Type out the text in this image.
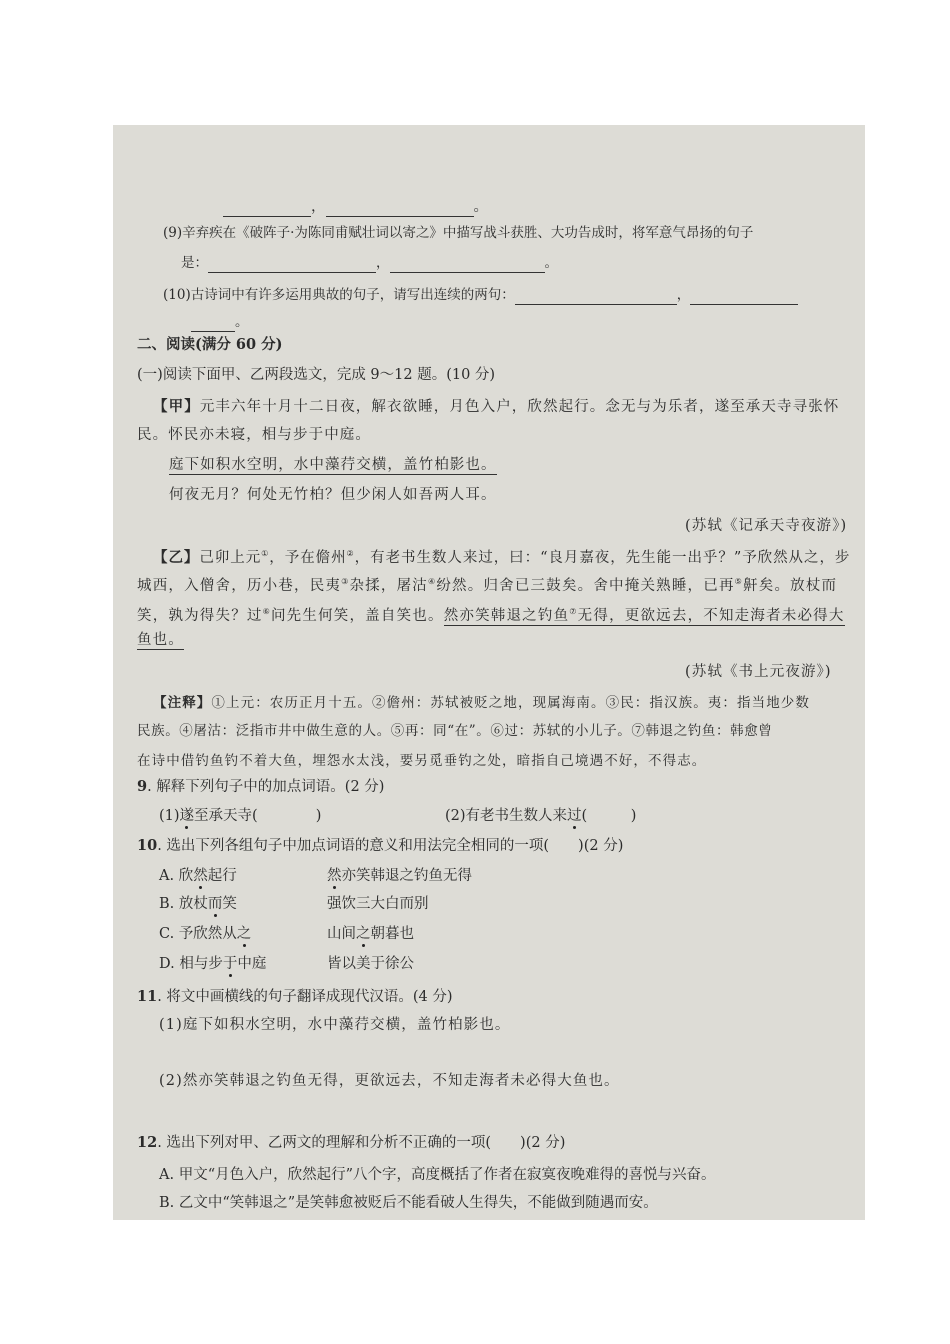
，	。
(9)辛弃疾在《破阵子·为陈同甫赋壮词以寄之》中描写战斗获胜、大功告成时，将军意气昂扬的句子
是：	，	。
(10)古诗词中有许多运用典故的句子，请写出连续的两句：	，
。
二、阅读(满分 60 分)
(一)阅读下面甲、乙两段选文，完成 9～12 题。(10 分)
【甲】元丰六年十月十二日夜，解衣欲睡，月色入户，欣然起行。念无与为乐者，遂至承天寺寻张怀
民。怀民亦未寝，相与步于中庭。
庭下如积水空明，水中藻荇交横，盖竹柏影也。
何夜无月？何处无竹柏？但少闲人如吾两人耳。
(苏轼《记承天寺夜游》)
【乙】己卯上元①，予在儋州②，有老书生数人来过，曰：“良月嘉夜，先生能一出乎？”予欣然从之，步
城西，入僧舍，历小巷，民夷③杂揉，屠沽④纷然。归舍已三鼓矣。舍中掩关熟睡，已再⑤鼾矣。放杖而
笑，孰为得失？过⑥问先生何笑，盖自笑也。然亦笑韩退之钓鱼⑦无得，更欲远去，不知走海者未必得大
鱼也。
(苏轼《书上元夜游》)
【注释】①上元：农历正月十五。②儋州：苏轼被贬之地，现属海南。③民：指汉族。夷：指当地少数
民族。④屠沽：泛指市井中做生意的人。⑤再：同“在”。⑥过：苏轼的小儿子。⑦韩退之钓鱼：韩愈曾
在诗中借钓鱼钓不着大鱼，埋怨水太浅，要另觅垂钓之处，暗指自己境遇不好，不得志。
9. 解释下列句子中的加点词语。(2 分)
(1)遂至承天寺(　　　　)	(2)有老书生数人来过(　　　)
10. 选出下列各组句子中加点词语的意义和用法完全相同的一项(　　)(2 分)
A. 欣然起行	然亦笑韩退之钓鱼无得
B. 放杖而笑	强饮三大白而别
C. 予欣然从之	山间之朝暮也
D. 相与步于中庭	皆以美于徐公
11. 将文中画横线的句子翻译成现代汉语。(4 分)
(1)庭下如积水空明，水中藻荇交横，盖竹柏影也。
(2)然亦笑韩退之钓鱼无得，更欲远去，不知走海者未必得大鱼也。
12. 选出下列对甲、乙两文的理解和分析不正确的一项(　　)(2 分)
A. 甲文“月色入户，欣然起行”八个字，高度概括了作者在寂寞夜晚难得的喜悦与兴奋。
B. 乙文中“笑韩退之”是笑韩愈被贬后不能看破人生得失，不能做到随遇而安。
